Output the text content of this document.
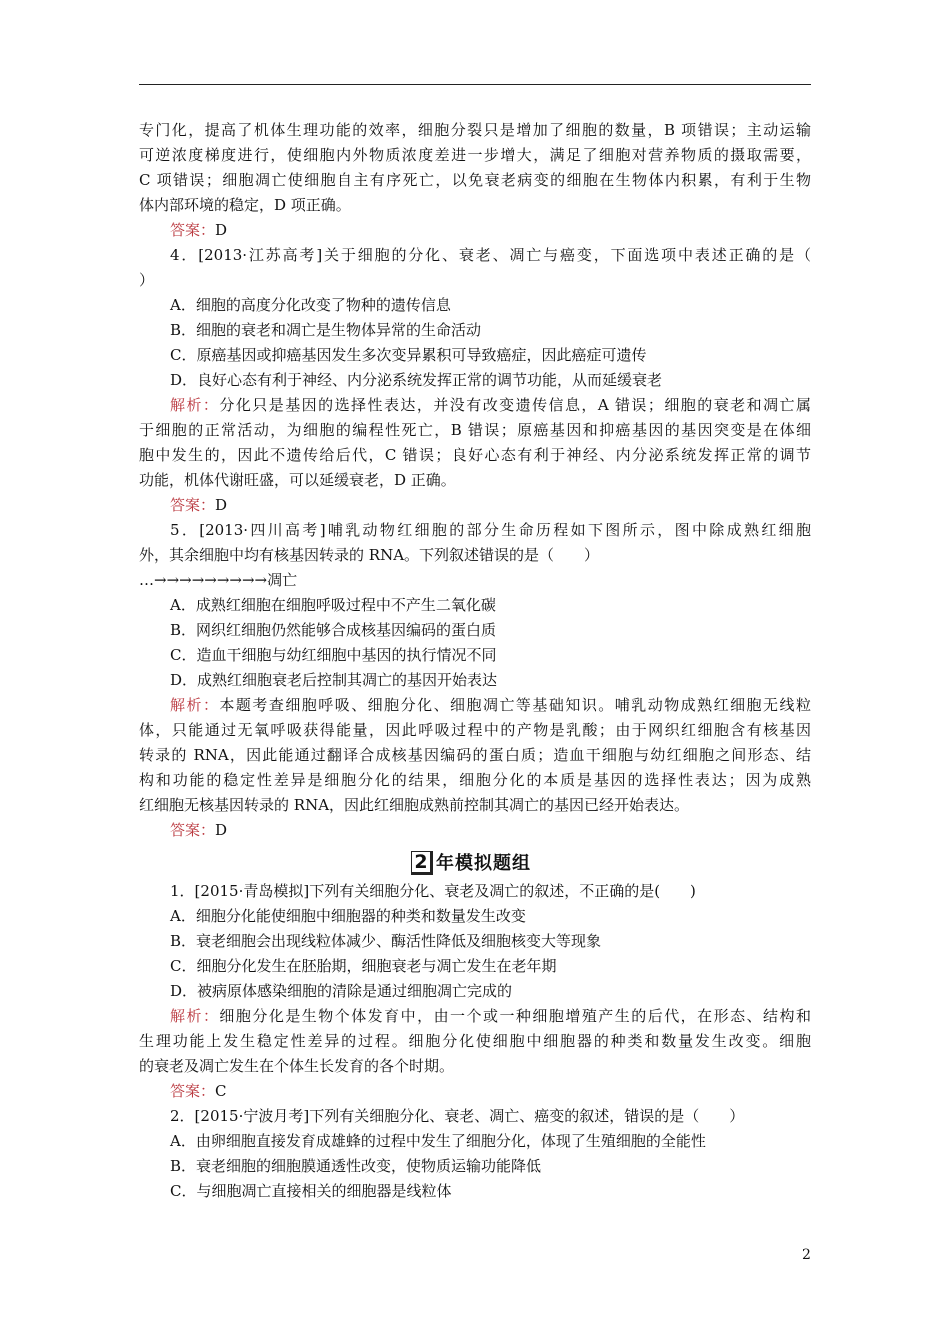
专门化，提高了机体生理功能的效率，细胞分裂只是增加了细胞的数量，B 项错误；主动运输

可逆浓度梯度进行，使细胞内外物质浓度差进一步增大，满足了细胞对营养物质的摄取需要，

C 项错误；细胞凋亡使细胞自主有序死亡，以免衰老病变的细胞在生物体内积累，有利于生物

体内部环境的稳定，D 项正确。

答案：D

4．[2013·江苏高考]关于细胞的分化、衰老、凋亡与癌变，下面选项中表述正确的是（

）

A．细胞的高度分化改变了物种的遗传信息

B．细胞的衰老和凋亡是生物体异常的生命活动

C．原癌基因或抑癌基因发生多次变异累积可导致癌症，因此癌症可遗传

D．良好心态有利于神经、内分泌系统发挥正常的调节功能，从而延缓衰老

解析：分化只是基因的选择性表达，并没有改变遗传信息，A 错误；细胞的衰老和凋亡属

于细胞的正常活动，为细胞的编程性死亡，B 错误；原癌基因和抑癌基因的基因突变是在体细

胞中发生的，因此不遗传给后代，C 错误；良好心态有利于神经、内分泌系统发挥正常的调节

功能，机体代谢旺盛，可以延缓衰老，D 正确。

答案：D

5．[2013·四川高考]哺乳动物红细胞的部分生命历程如下图所示，图中除成熟红细胞

外，其余细胞中均有核基因转录的 RNA。下列叙述错误的是（　　）

…→→→→→→→→→凋亡

A．成熟红细胞在细胞呼吸过程中不产生二氧化碳

B．网织红细胞仍然能够合成核基因编码的蛋白质

C．造血干细胞与幼红细胞中基因的执行情况不同

D．成熟红细胞衰老后控制其凋亡的基因开始表达

解析：本题考查细胞呼吸、细胞分化、细胞凋亡等基础知识。哺乳动物成熟红细胞无线粒

体，只能通过无氧呼吸获得能量，因此呼吸过程中的产物是乳酸；由于网织红细胞含有核基因

转录的 RNA，因此能通过翻译合成核基因编码的蛋白质；造血干细胞与幼红细胞之间形态、结

构和功能的稳定性差异是细胞分化的结果，细胞分化的本质是基因的选择性表达；因为成熟

红细胞无核基因转录的 RNA，因此红细胞成熟前控制其凋亡的基因已经开始表达。

答案：D

2 年模拟题组

1．[2015·青岛模拟]下列有关细胞分化、衰老及凋亡的叙述，不正确的是(　　)

A．细胞分化能使细胞中细胞器的种类和数量发生改变

B．衰老细胞会出现线粒体减少、酶活性降低及细胞核变大等现象

C．细胞分化发生在胚胎期，细胞衰老与凋亡发生在老年期

D．被病原体感染细胞的清除是通过细胞凋亡完成的

解析：细胞分化是生物个体发育中，由一个或一种细胞增殖产生的后代，在形态、结构和

生理功能上发生稳定性差异的过程。细胞分化使细胞中细胞器的种类和数量发生改变。细胞

的衰老及凋亡发生在个体生长发育的各个时期。

答案：C

2．[2015·宁波月考]下列有关细胞分化、衰老、凋亡、癌变的叙述，错误的是（　　）

A．由卵细胞直接发育成雄蜂的过程中发生了细胞分化，体现了生殖细胞的全能性

B．衰老细胞的细胞膜通透性改变，使物质运输功能降低

C．与细胞凋亡直接相关的细胞器是线粒体

2
